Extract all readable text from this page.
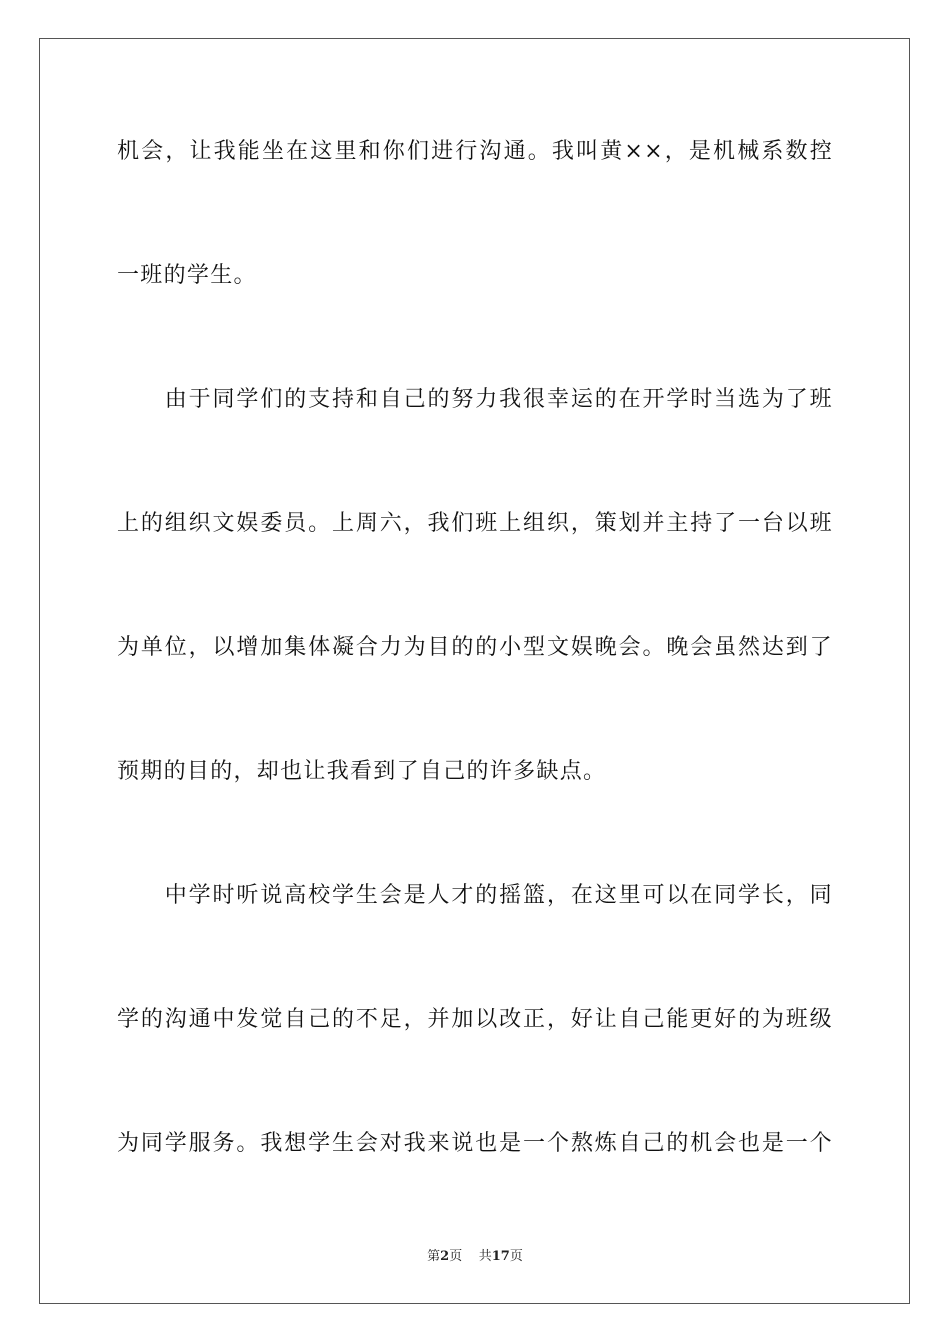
机会，让我能坐在这里和你们进行沟通。我叫黄××，是机械系数控
一班的学生。
　　由于同学们的支持和自己的努力我很幸运的在开学时当选为了班
上的组织文娱委员。上周六，我们班上组织，策划并主持了一台以班
为单位，以增加集体凝合力为目的的小型文娱晚会。晚会虽然达到了
预期的目的，却也让我看到了自己的许多缺点。
　　中学时听说高校学生会是人才的摇篮，在这里可以在同学长，同
学的沟通中发觉自己的不足，并加以改正，好让自己能更好的为班级
为同学服务。我想学生会对我来说也是一个熬炼自己的机会也是一个
第2页 共17页
